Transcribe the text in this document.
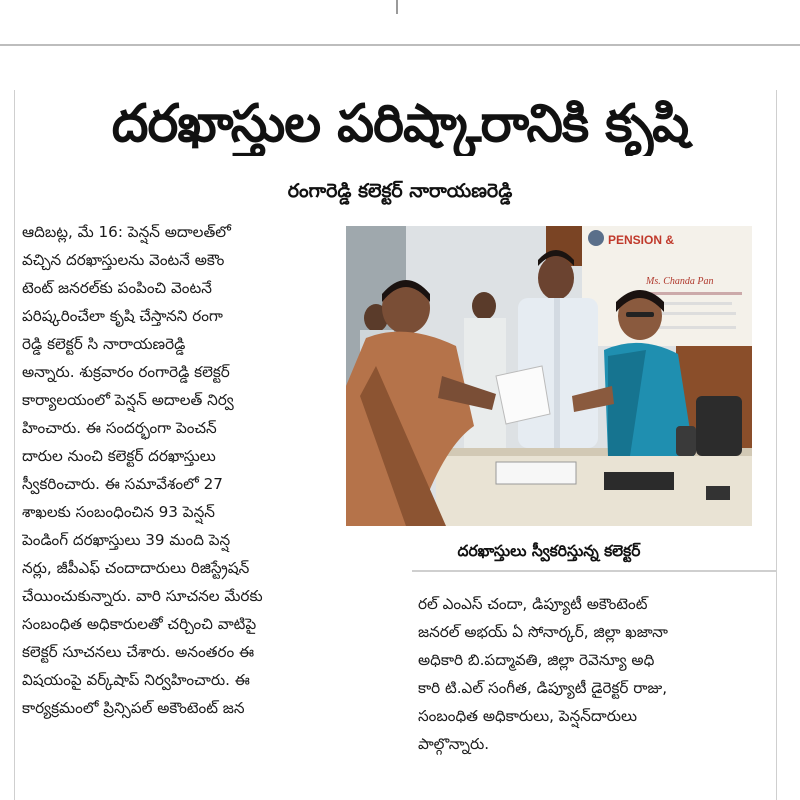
దరఖాస్తుల పరిష్కారానికి కృషి
రంగారెడ్డి కలెక్టర్ నారాయణరెడ్డి
ఆదిబట్ల, మే 16: పెన్షన్ అదాలత్‌లో
వచ్చిన దరఖాస్తులను వెంటనే అకౌం
టెంట్ జనరల్‌కు పంపించి వెంటనే
పరిష్కరించేలా కృషి చేస్తానని రంగా
రెడ్డి కలెక్టర్ సి నారాయణరెడ్డి
అన్నారు. శుక్రవారం రంగారెడ్డి కలెక్టర్
కార్యాలయంలో పెన్షన్ అదాలత్ నిర్వ
హించారు. ఈ సందర్భంగా పెంచన్
దారుల నుంచి కలెక్టర్ దరఖాస్తులు
స్వీకరించారు. ఈ సమావేశంలో 27
శాఖలకు సంబంధించిన 93 పెన్షన్
పెండింగ్ దరఖాస్తులు 39 మంది పెన్ష
నర్లు, జీపీఎఫ్ చందాదారులు రిజిస్ట్రేషన్
చేయించుకున్నారు. వారి సూచనల మేరకు
సంబంధిత అధికారులతో చర్చించి వాటిపై
కలెక్టర్ సూచనలు చేశారు. అనంతరం ఈ
విషయంపై వర్క్‌షాప్ నిర్వహించారు. ఈ
కార్యక్రమంలో ప్రిన్సిపల్ అకౌంటెంట్ జన
PENSION &
Ms. Chanda Pan
దరఖాస్తులు స్వీకరిస్తున్న కలెక్టర్
రల్ ఎంఎస్ చందా, డిప్యూటీ అకౌంటెంట్
జనరల్ అభయ్ ఏ సోనార్కర్, జిల్లా ఖజానా
అధికారి బి.పద్మావతి, జిల్లా రెవెన్యూ అధి
కారి టి.ఎల్ సంగీత, డిప్యూటీ డైరెక్టర్ రాజు,
సంబంధిత అధికారులు, పెన్షన్‌దారులు
పాల్గొన్నారు.
